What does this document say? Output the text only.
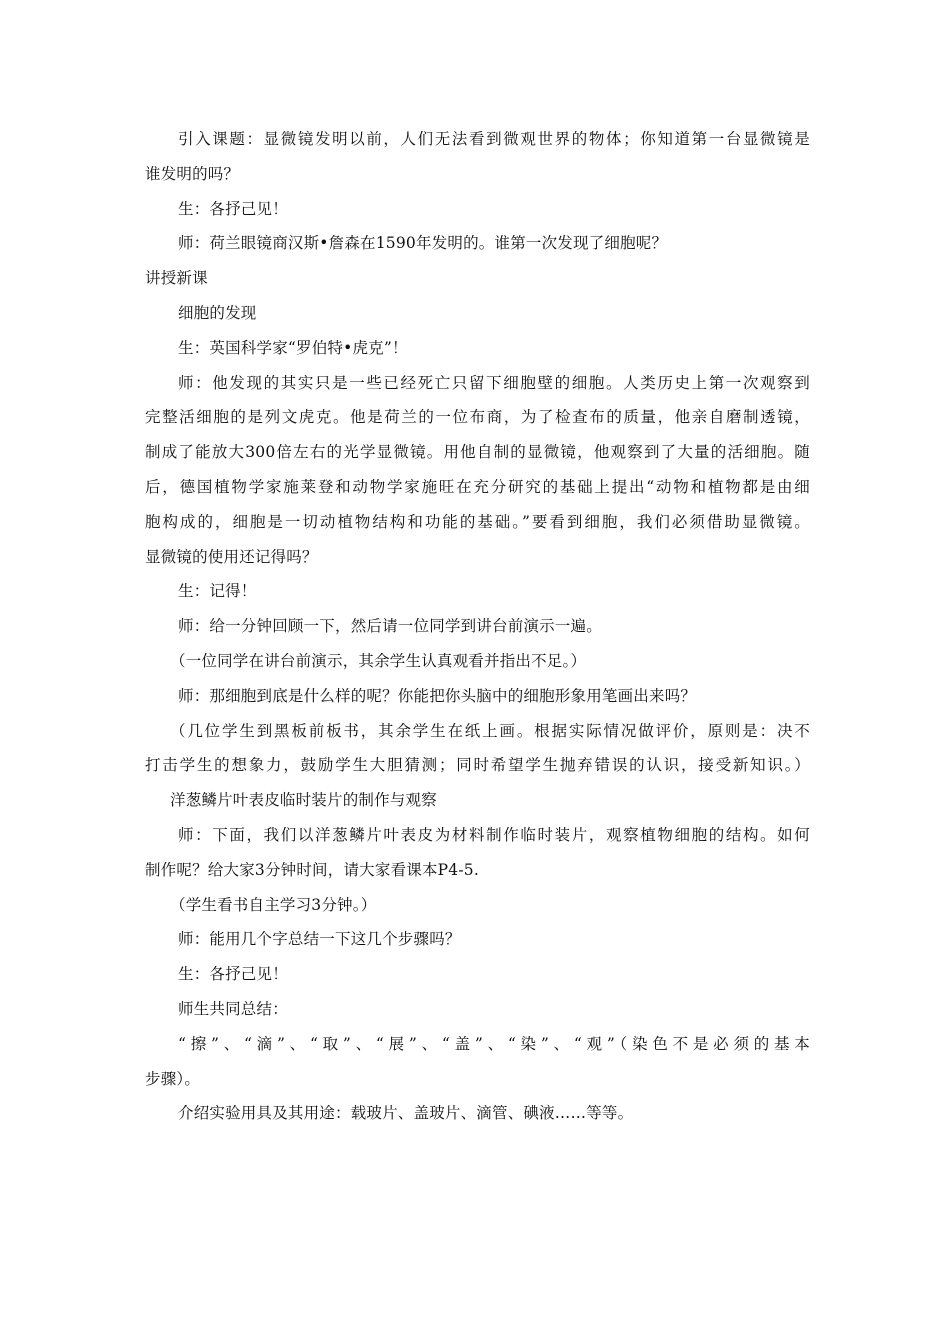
引入课题：显微镜发明以前，人们无法看到微观世界的物体；你知道第一台显微镜是
谁发明的吗？
生：各抒己见！
师：荷兰眼镜商汉斯•詹森在1590年发明的。谁第一次发现了细胞呢？
讲授新课
细胞的发现
生：英国科学家“罗伯特•虎克”！
师：他发现的其实只是一些已经死亡只留下细胞壁的细胞。人类历史上第一次观察到
完整活细胞的是列文虎克。他是荷兰的一位布商，为了检查布的质量，他亲自磨制透镜，
制成了能放大300倍左右的光学显微镜。用他自制的显微镜，他观察到了大量的活细胞。随
后，德国植物学家施莱登和动物学家施旺在充分研究的基础上提出“动物和植物都是由细
胞构成的，细胞是一切动植物结构和功能的基础。”要看到细胞，我们必须借助显微镜。
显微镜的使用还记得吗？
生：记得！
师：给一分钟回顾一下，然后请一位同学到讲台前演示一遍。
（一位同学在讲台前演示，其余学生认真观看并指出不足。）
师：那细胞到底是什么样的呢？你能把你头脑中的细胞形象用笔画出来吗？
（几位学生到黑板前板书，其余学生在纸上画。根据实际情况做评价，原则是：决不
打击学生的想象力，鼓励学生大胆猜测；同时希望学生抛弃错误的认识，接受新知识。）
洋葱鳞片叶表皮临时装片的制作与观察
师：下面，我们以洋葱鳞片叶表皮为材料制作临时装片，观察植物细胞的结构。如何
制作呢？给大家3分钟时间，请大家看课本P4-5.
（学生看书自主学习3分钟。）
师：能用几个字总结一下这几个步骤吗？
生：各抒己见！
师生共同总结：
“擦”、“滴”、“取”、“展”、“盖”、“染”、“观”（染色不是必须的基本
步骤）。
介绍实验用具及其用途：载玻片、盖玻片、滴管、碘液……等等。
